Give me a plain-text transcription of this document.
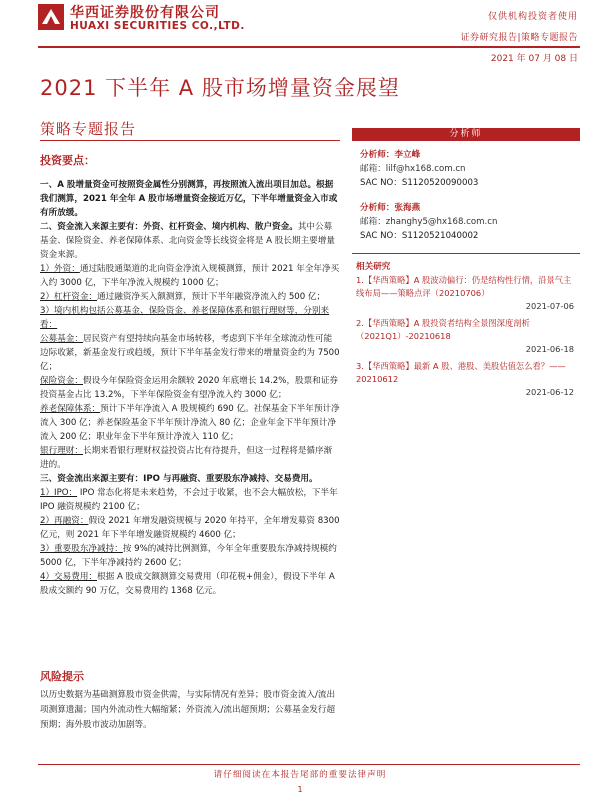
华西证券股份有限公司
HUAXI SECURITIES CO.,LTD.
仅供机构投资者使用
证券研究报告|策略专题报告
2021 年 07 月 08 日
2021 下半年 A 股市场增量资金展望
策略专题报告
投资要点：

一、A 股增量资金可按照资金属性分别测算，再按照流入流出项目加总。根据我们测算，2021 年全年 A 股市场增量资金接近万亿，下半年增量资金入市或有所放缓。

二、资金流入来源主要有：外资、杠杆资金、境内机构、散户资金。其中公募基金、保险资金、养老保障体系、北向资金等长线资金将是 A 股长期主要增量资金来源。

1）外资：通过陆股通渠道的北向资金净流入规模测算，预计 2021 年全年净买入约 3000 亿，下半年净流入规模约 1000 亿；

2）杠杆资金：通过融资净买入额测算，预计下半年融资净流入约 500 亿；

3）境内机构包括公募基金、保险资金、养老保障体系和银行理财等，分别来看：

公募基金：居民资产有望持续向基金市场转移，考虑到下半年全球流动性可能边际收紧，新基金发行或趋缓，预计下半年基金发行带来的增量资金约为 7500 亿；

保险资金：假设今年保险资金运用余额较 2020 年底增长 14.2%，股票和证券投资基金占比 13.2%，下半年保险资金有望净流入约 3000 亿；

养老保障体系：预计下半年净流入 A 股规模约 690 亿。社保基金下半年预计净流入 300 亿；养老保险基金下半年预计净流入 80 亿；企业年金下半年预计净流入 200 亿；职业年金下半年预计净流入 110 亿；

银行理财：长期来看银行理财权益投资占比有待提升，但这一过程将是循序渐进的。

三、资金流出来源主要有：IPO 与再融资、重要股东净减持、交易费用。

1）IPO： IPO 常态化将是未来趋势，不会过于收紧，也不会大幅放松，下半年 IPO 融资规模约 2100 亿；

2）再融资：假设 2021 年增发融资规模与 2020 年持平，全年增发募资 8300 亿元，则 2021 年下半年增发融资规模约 4600 亿；

3）重要股东净减持：按 9%的减持比例测算，今年全年重要股东净减持规模约 5000 亿，下半年净减持约 2600 亿；

4）交易费用：根据 A 股成交额测算交易费用（印花税+佣金），假设下半年 A 股成交额约 90 万亿，交易费用约 1368 亿元。

分析师
分析师：李立峰
邮箱：lilf@hx168.com.cn
SAC NO：S1120520090003
分析师：张海燕
邮箱：zhanghy5@hx168.com.cn
SAC NO：S1120521040002
相关研究
1.【华西策略】A 股波动偏行：仍是结构性行情，沿景气主线布局——策略点评（20210706）
2021-07-06
2.【华西策略】A 股投资者结构全景图深度剖析（2021Q1）-20210618
2021-06-18
3.【华西策略】最新 A 股、港股、美股估值怎么看？——20210612
2021-06-12
风险提示

以历史数据为基础测算股市资金供需，与实际情况有差异；股市资金流入/流出项测算遗漏；国内外流动性大幅缩紧；外资流入/流出超预期；公募基金发行超预期；海外股市波动加剧等。

请仔细阅读在本报告尾部的重要法律声明
1
